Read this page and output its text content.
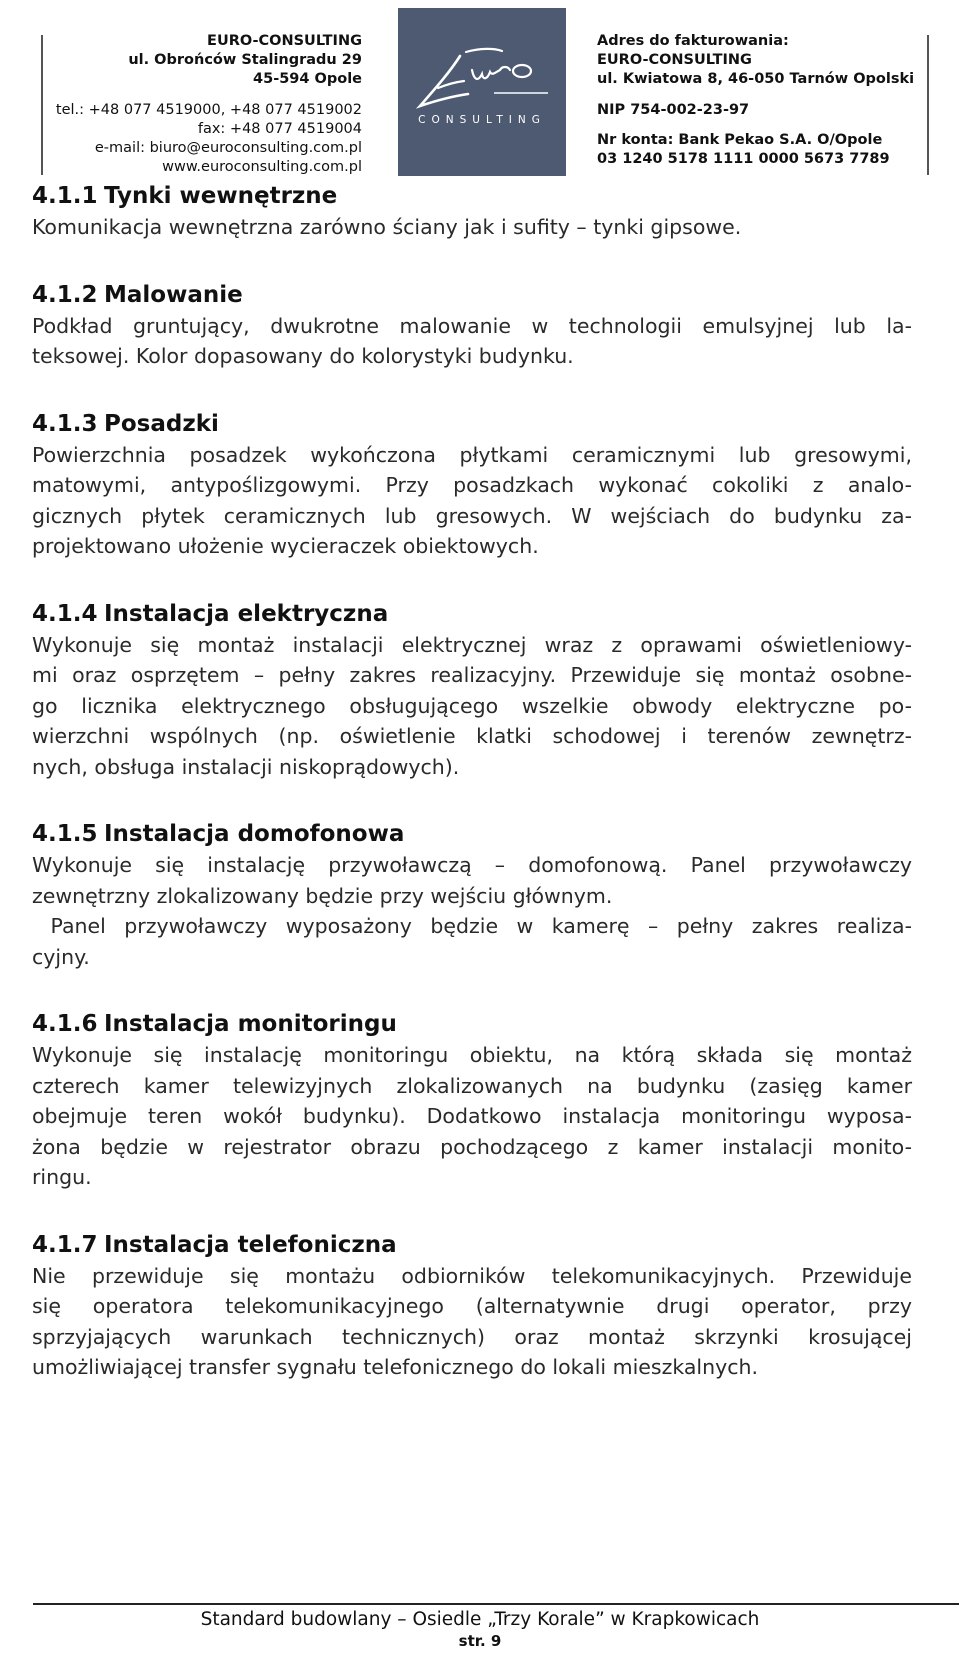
EURO-CONSULTING
ul. Obrońców Stalingradu 29
45-594 Opole
tel.: +48 077 4519000, +48 077 4519002
fax: +48 077 4519004
e-mail: biuro@euroconsulting.com.pl
www.euroconsulting.com.pl
CONSULTING
Adres do fakturowania:
EURO-CONSULTING
ul. Kwiatowa 8, 46-050 Tarnów Opolski
NIP 754-002-23-97
Nr konta: Bank Pekao S.A. O/Opole
03 1240 5178 1111 0000 5673 7789
4.1.1 Tynki wewnętrzne

Komunikacja wewnętrzna zarówno ściany jak i sufity – tynki gipsowe.

4.1.2 Malowanie

Podkład gruntujący, dwukrotne malowanie w technologii emulsyjnej lub la-
teksowej. Kolor dopasowany do kolorystyki budynku.

4.1.3 Posadzki

Powierzchnia posadzek wykończona płytkami ceramicznymi lub gresowymi,
matowymi, antypoślizgowymi. Przy posadzkach wykonać cokoliki z analo-
gicznych płytek ceramicznych lub gresowych. W wejściach do budynku za-
projektowano ułożenie wycieraczek obiektowych.

4.1.4 Instalacja elektryczna

Wykonuje się montaż instalacji elektrycznej wraz z oprawami oświetleniowy-
mi oraz osprzętem – pełny zakres realizacyjny. Przewiduje się montaż osobne-
go licznika elektrycznego obsługującego wszelkie obwody elektryczne po-
wierzchni wspólnych (np. oświetlenie klatki schodowej i terenów zewnętrz-
nych, obsługa instalacji niskoprądowych).

4.1.5 Instalacja domofonowa

Wykonuje się instalację przywoławczą – domofonową. Panel przywoławczy
zewnętrzny zlokalizowany będzie przy wejściu głównym.
Panel przywoławczy wyposażony będzie w kamerę – pełny zakres realiza-
cyjny.

4.1.6 Instalacja monitoringu

Wykonuje się instalację monitoringu obiektu, na którą składa się montaż
czterech kamer telewizyjnych zlokalizowanych na budynku (zasięg kamer
obejmuje teren wokół budynku). Dodatkowo instalacja monitoringu wyposa-
żona będzie w rejestrator obrazu pochodzącego z kamer instalacji monito-
ringu.

4.1.7 Instalacja telefoniczna

Nie przewiduje się montażu odbiorników telekomunikacyjnych. Przewiduje
się operatora telekomunikacyjnego (alternatywnie drugi operator, przy
sprzyjających warunkach technicznych) oraz montaż skrzynki krosującej
umożliwiającej transfer sygnału telefonicznego do lokali mieszkalnych.

Standard budowlany – Osiedle „Trzy Korale” w Krapkowicach
str. 9
